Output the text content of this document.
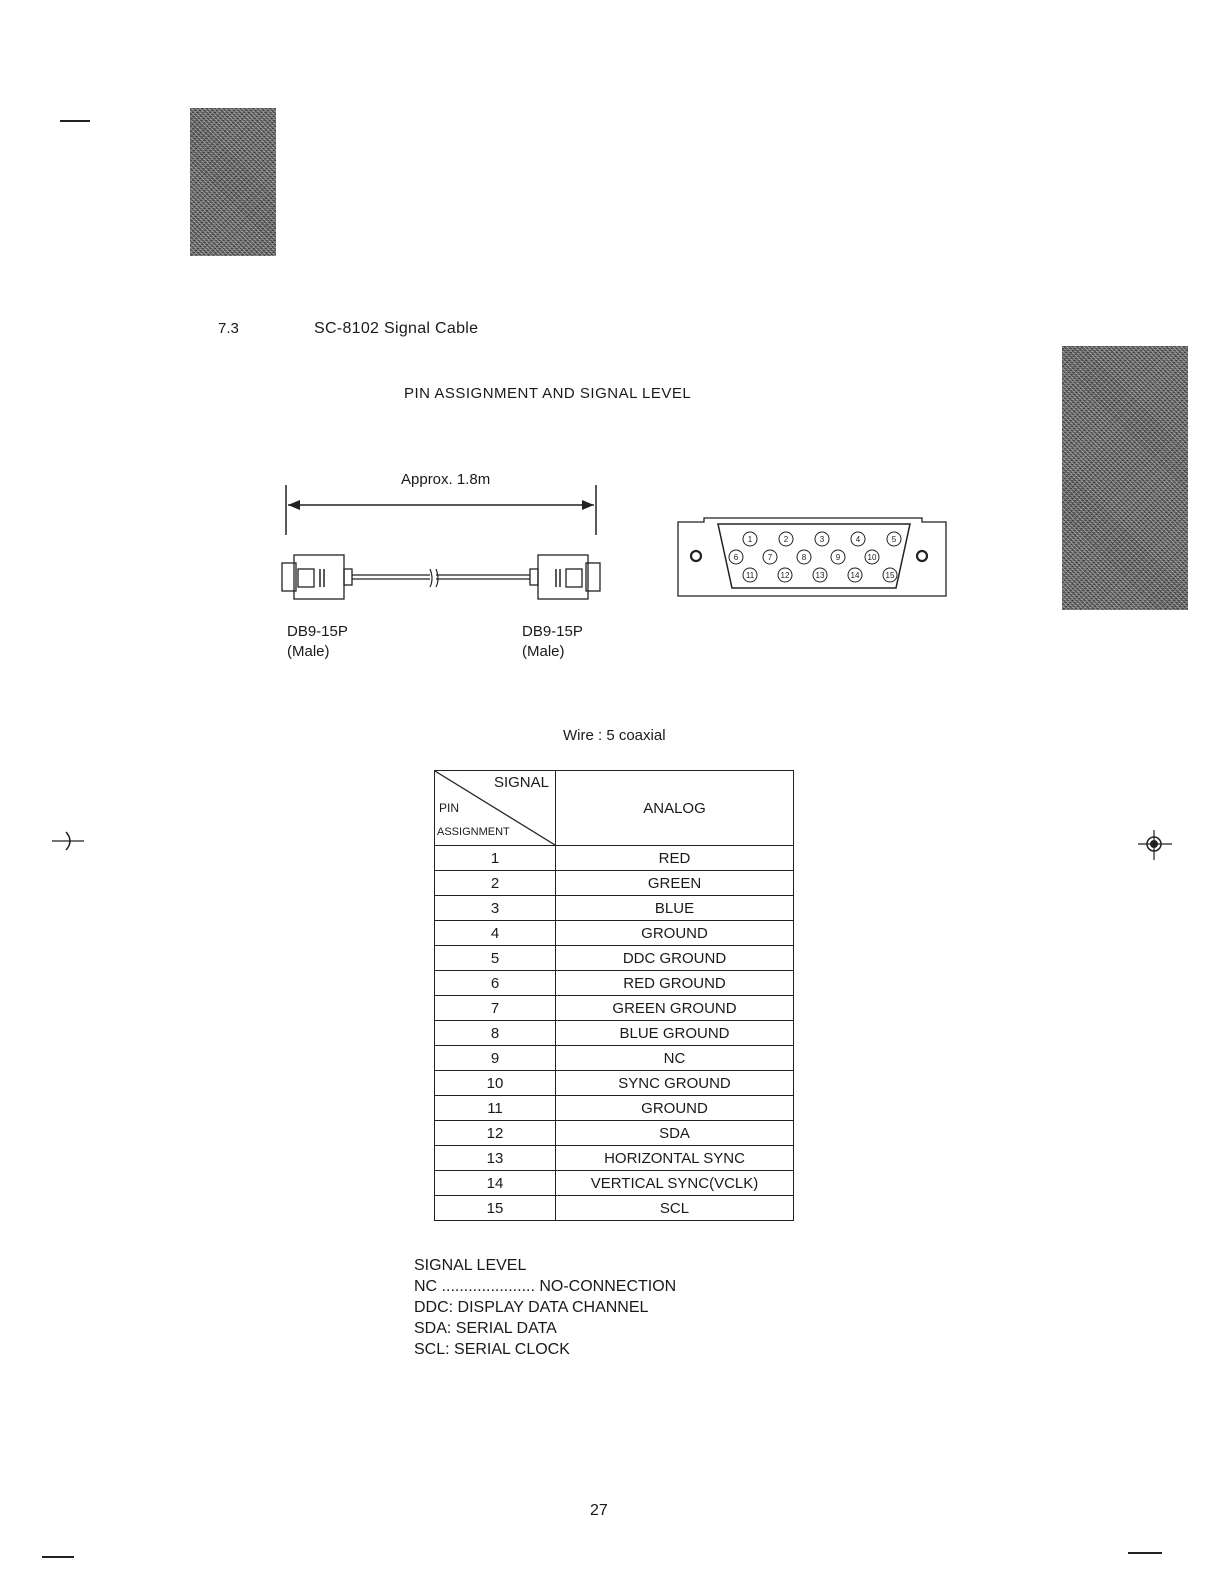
7.3	SC-8102 Signal Cable
PIN ASSIGNMENT AND SIGNAL LEVEL
Approx. 1.8m
DB9-15P
(Male)
DB9-15P
(Male)
1	2	3	4	5
6	7	8	9	10
11	12	13	14	15
Wire : 5 coaxial
SIGNAL
PIN
ASSIGNMENT	ANALOG
1	RED
2	GREEN
3	BLUE
4	GROUND
5	DDC GROUND
6	RED GROUND
7	GREEN GROUND
8	BLUE GROUND
9	NC
10	SYNC GROUND
11	GROUND
12	SDA
13	HORIZONTAL SYNC
14	VERTICAL SYNC(VCLK)
15	SCL
SIGNAL LEVEL
NC ..................... NO-CONNECTION
DDC: DISPLAY DATA CHANNEL
SDA: SERIAL DATA
SCL: SERIAL CLOCK
27
